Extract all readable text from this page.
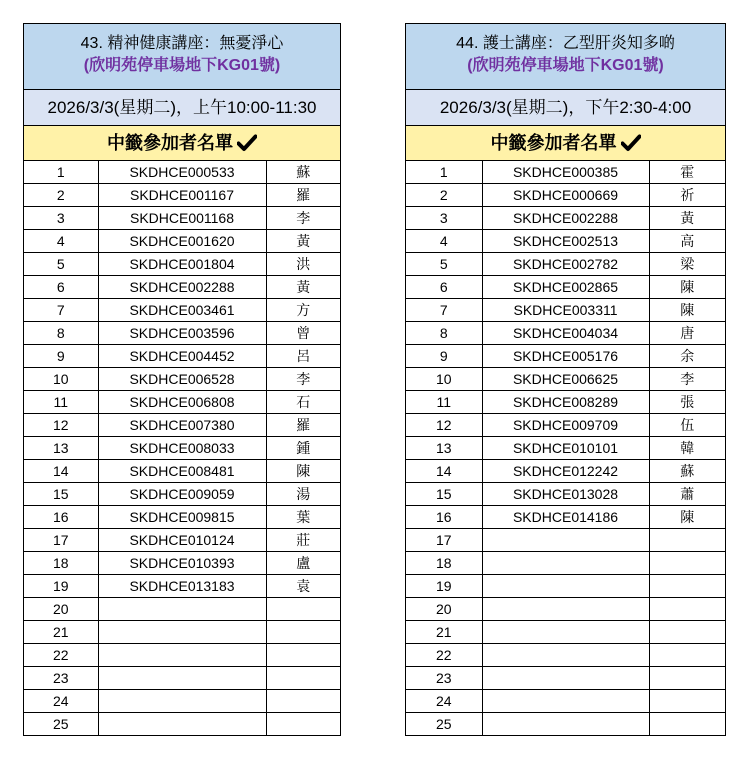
43. 精神健康講座：無憂淨心
(欣明苑停車場地下KG01號)
2026/3/3(星期二)，上午10:00-11:30
中籤參加者名單
1	SKDHCE000533	蘇
2	SKDHCE001167	羅
3	SKDHCE001168	李
4	SKDHCE001620	黃
5	SKDHCE001804	洪
6	SKDHCE002288	黃
7	SKDHCE003461	方
8	SKDHCE003596	曾
9	SKDHCE004452	呂
10	SKDHCE006528	李
11	SKDHCE006808	石
12	SKDHCE007380	羅
13	SKDHCE008033	鍾
14	SKDHCE008481	陳
15	SKDHCE009059	湯
16	SKDHCE009815	葉
17	SKDHCE010124	莊
18	SKDHCE010393	盧
19	SKDHCE013183	袁
20		
21		
22		
23		
24		
25		
44. 護士講座：乙型肝炎知多啲
(欣明苑停車場地下KG01號)
2026/3/3(星期二)，下午2:30-4:00
中籤參加者名單
1	SKDHCE000385	霍
2	SKDHCE000669	祈
3	SKDHCE002288	黃
4	SKDHCE002513	高
5	SKDHCE002782	梁
6	SKDHCE002865	陳
7	SKDHCE003311	陳
8	SKDHCE004034	唐
9	SKDHCE005176	余
10	SKDHCE006625	李
11	SKDHCE008289	張
12	SKDHCE009709	伍
13	SKDHCE010101	韓
14	SKDHCE012242	蘇
15	SKDHCE013028	蕭
16	SKDHCE014186	陳
17		
18		
19		
20		
21		
22		
23		
24		
25		
